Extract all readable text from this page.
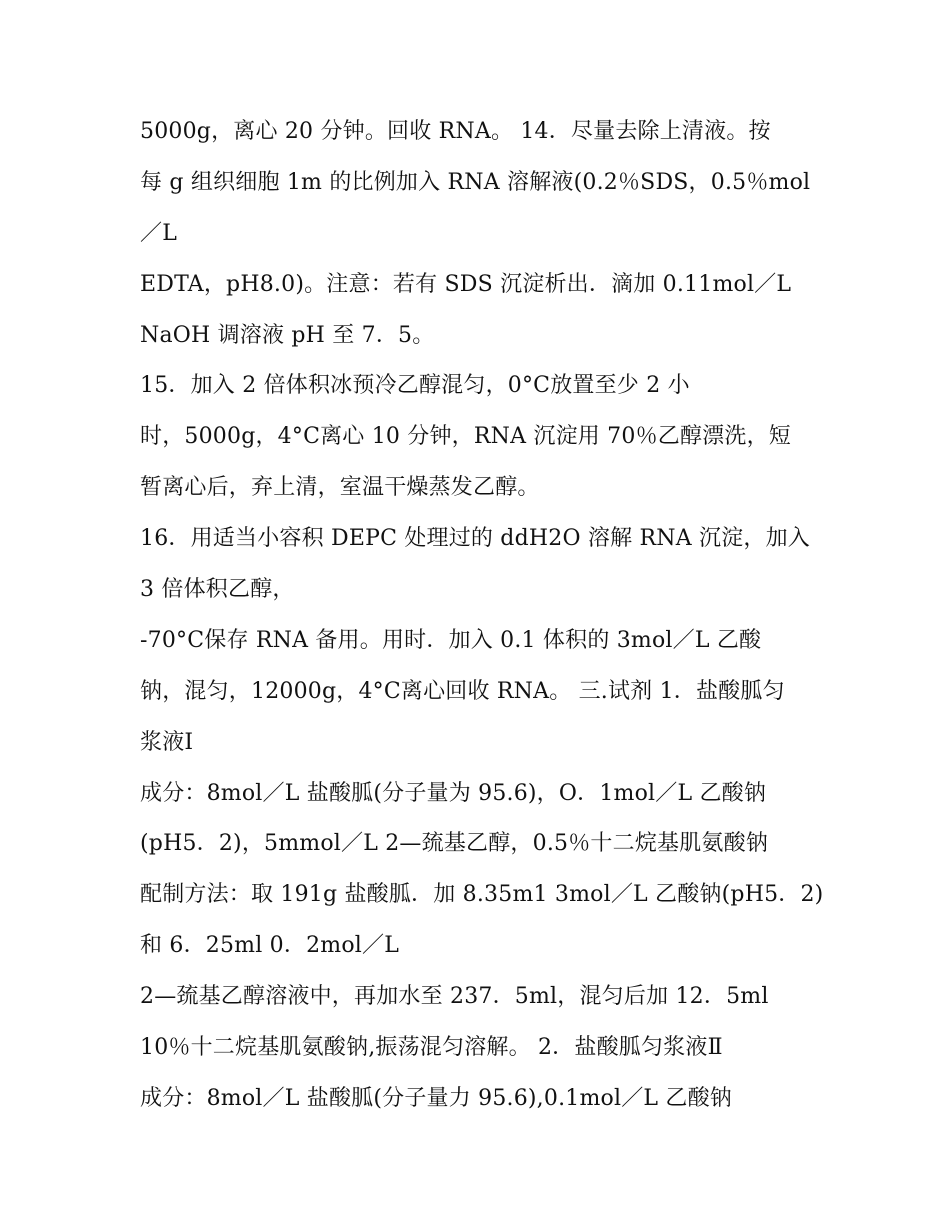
5000g，离心 20 分钟。回收 RNA。 14．尽量去除上清液。按
每 g 组织细胞 1m 的比例加入 RNA 溶解液(0.2％SDS，0.5％mol
／L
EDTA，pH8.0)。注意：若有 SDS 沉淀析出．滴加 0.11mol／L
NaOH 调溶液 pH 至 7．5。
15．加入 2 倍体积冰预冷乙醇混匀，0°C放置至少 2 小
时，5000g，4°C离心 10 分钟，RNA 沉淀用 70％乙醇漂洗，短
暂离心后，弃上清，室温干燥蒸发乙醇。
16．用适当小容积 DEPC 处理过的 ddH2O 溶解 RNA 沉淀，加入
3 倍体积乙醇，
-70°C保存 RNA 备用。用时．加入 0.1 体积的 3mol／L 乙酸
钠，混匀，12000g，4°C离心回收 RNA。 三.试剂 1．盐酸胍匀
浆液Ⅰ
成分：8mol／L 盐酸胍(分子量为 95.6)，O．1mol／L 乙酸钠
(pH5．2)，5mmol／L 2—巯基乙醇，0.5％十二烷基肌氨酸钠
配制方法：取 191g 盐酸胍．加 8.35m1 3mol／L 乙酸钠(pH5．2)
和 6．25ml 0．2mol／L
2—巯基乙醇溶液中，再加水至 237．5ml，混匀后加 12．5ml
10％十二烷基肌氨酸钠,振荡混匀溶解。 2．盐酸胍匀浆液Ⅱ
成分：8mol／L 盐酸胍(分子量力 95.6),0.1mol／L 乙酸钠
